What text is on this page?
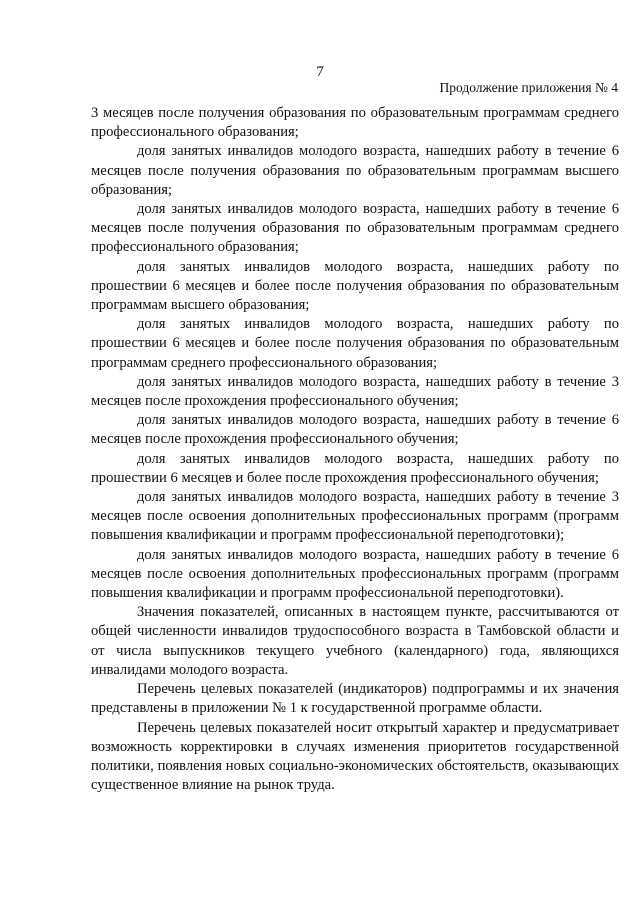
7
Продолжение приложения № 4

3 месяцев после получения образования по образовательным программам среднего профессионального образования;

доля занятых инвалидов молодого возраста, нашедших работу в течение 6 месяцев после получения образования по образовательным программам высшего образования;

доля занятых инвалидов молодого возраста, нашедших работу в течение 6 месяцев после получения образования по образовательным программам среднего профессионального образования;

доля занятых инвалидов молодого возраста, нашедших работу по прошествии 6 месяцев и более после получения образования по образовательным программам высшего образования;

доля занятых инвалидов молодого возраста, нашедших работу по прошествии 6 месяцев и более после получения образования по образовательным программам среднего профессионального образования;

доля занятых инвалидов молодого возраста, нашедших работу в течение 3 месяцев после прохождения профессионального обучения;

доля занятых инвалидов молодого возраста, нашедших работу в течение 6 месяцев после прохождения профессионального обучения;

доля занятых инвалидов молодого возраста, нашедших работу по прошествии 6 месяцев и более после прохождения профессионального обучения;

доля занятых инвалидов молодого возраста, нашедших работу в течение 3 месяцев после освоения дополнительных профессиональных программ (программ повышения квалификации и программ профессиональной переподготовки);

доля занятых инвалидов молодого возраста, нашедших работу в течение 6 месяцев после освоения дополнительных профессиональных программ (программ повышения квалификации и программ профессиональной переподготовки).

Значения показателей, описанных в настоящем пункте, рассчитываются от общей численности инвалидов трудоспособного возраста в Тамбовской области и от числа выпускников текущего учебного (календарного) года, являющихся инвалидами молодого возраста.

Перечень целевых показателей (индикаторов) подпрограммы и их значения представлены в приложении № 1 к государственной программе области.

Перечень целевых показателей носит открытый характер и предусматривает возможность корректировки в случаях изменения приоритетов государственной политики, появления новых социально-экономических обстоятельств, оказывающих существенное влияние на рынок труда.
